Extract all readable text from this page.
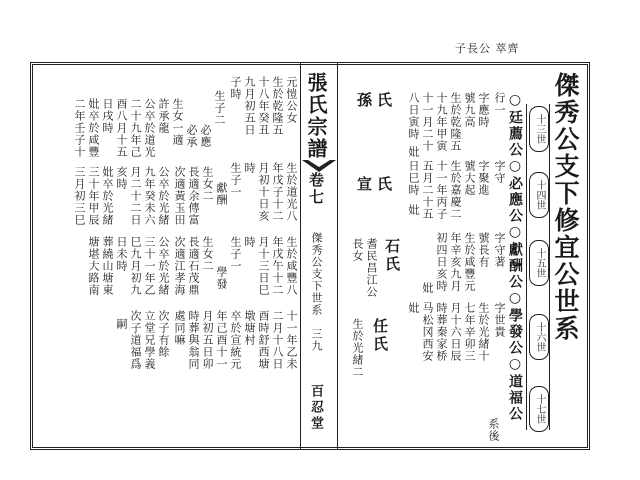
子長公 萃齊
傑秀公支下修宜公世系
十三世
十四世
十五世
十六世
十七世
○廷薦公○必應公○獻酬公○學發公○道福公
系後
行一
字應時
號九高
生於乾隆五
十九年甲寅
十一月二十
八日寅時
妣
氏
孫
字守
字聚進
號大起
生於嘉慶二
十一年丙子
五月二十五
日巳時
妣
氏
宣
字守著
號長有
生於咸豐元
年辛亥九月
初四日亥時
妣
石氏
耆民昌江公
長女
字世貴
生於光緒十
七年辛卯三
月十六日辰
時葬秦家桥
马松冈西安
妣
任氏
生於光緒二
張氏宗譜
卷七
傑秀公支下世系　三九
百忍堂
元愷公女
生於乾隆五
十八年癸丑
九月初五日
子時
生子二
必應
必承
生女一適
許承龍
公卒於道光
二十九年己
酉八月十五
日戌時
妣卒於咸豐
二年壬子十
生於道光八
年戊子十二
月初十日亥
時
生子一
獻酬
生女二
長適余傳富
次適黃玉田
公卒於光緒
九年癸未六
月二十二日
亥時
妣卒於光緒
三十年甲辰
三月初三巳
生於咸豐八
年戊午十二
月十三日巳
時
生子一
學發
生女二
長適石茂鼎
次適江孝海
公卒於光緒
三十一年乙
巳九月初九
日未時
葬繞山塘東
塘堪大路南
十一年乙未
二月十八日
酉時舒西塘
墩塘村
卒於宣統元
年己酉十一
月初五日卯
時葬與翁同
處同嘛
次子有餘
立堂兄學義
次子道福爲
嗣
